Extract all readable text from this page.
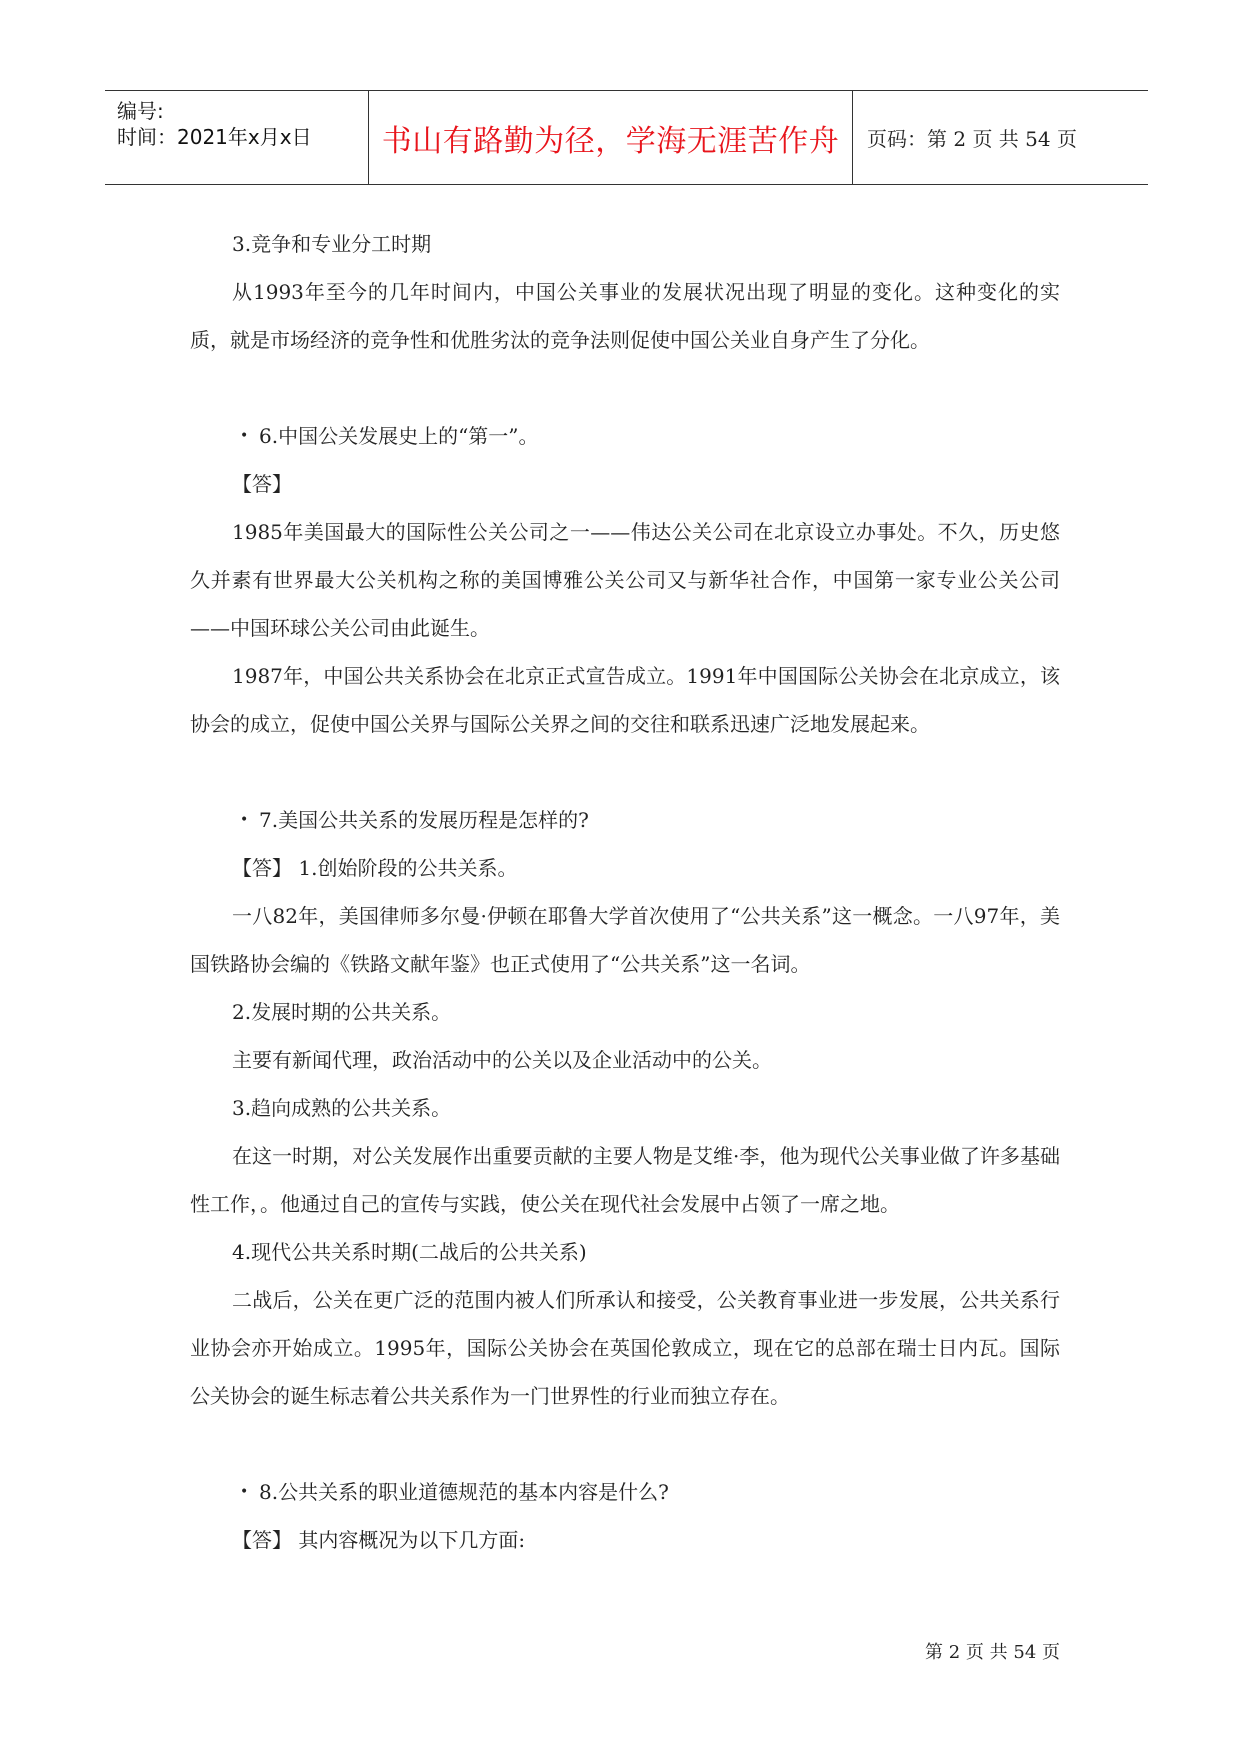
编号:
时间：2021年x月x日 书山有路勤为径，学海无涯苦作舟 页码：第 2 页 共 54 页

3.竞争和专业分工时期

从1993年至今的几年时间内，中国公关事业的发展状况出现了明显的变化。这种变化的实质，就是市场经济的竞争性和优胜劣汰的竞争法则促使中国公关业自身产生了分化。

• 6.中国公关发展史上的“第一”。

【答】

1985年美国最大的国际性公关公司之一——伟达公关公司在北京设立办事处。不久，历史悠久并素有世界最大公关机构之称的美国博雅公关公司又与新华社合作，中国第一家专业公关公司——中国环球公关公司由此诞生。

1987年，中国公共关系协会在北京正式宣告成立。1991年中国国际公关协会在北京成立，该协会的成立，促使中国公关界与国际公关界之间的交往和联系迅速广泛地发展起来。

• 7.美国公共关系的发展历程是怎样的?

【答】 1.创始阶段的公共关系。

一八82年，美国律师多尔曼·伊顿在耶鲁大学首次使用了“公共关系”这一概念。一八97年，美国铁路协会编的《铁路文献年鉴》也正式使用了“公共关系”这一名词。

2.发展时期的公共关系。

主要有新闻代理，政治活动中的公关以及企业活动中的公关。

3.趋向成熟的公共关系。

在这一时期，对公关发展作出重要贡献的主要人物是艾维·李，他为现代公关事业做了许多基础性工作，。他通过自己的宣传与实践，使公关在现代社会发展中占领了一席之地。

4.现代公共关系时期(二战后的公共关系)

二战后，公关在更广泛的范围内被人们所承认和接受，公关教育事业进一步发展，公共关系行业协会亦开始成立。1995年，国际公关协会在英国伦敦成立，现在它的总部在瑞士日内瓦。国际公关协会的诞生标志着公共关系作为一门世界性的行业而独立存在。

• 8.公共关系的职业道德规范的基本内容是什么?

【答】 其内容概况为以下几方面:

第 2 页 共 54 页
